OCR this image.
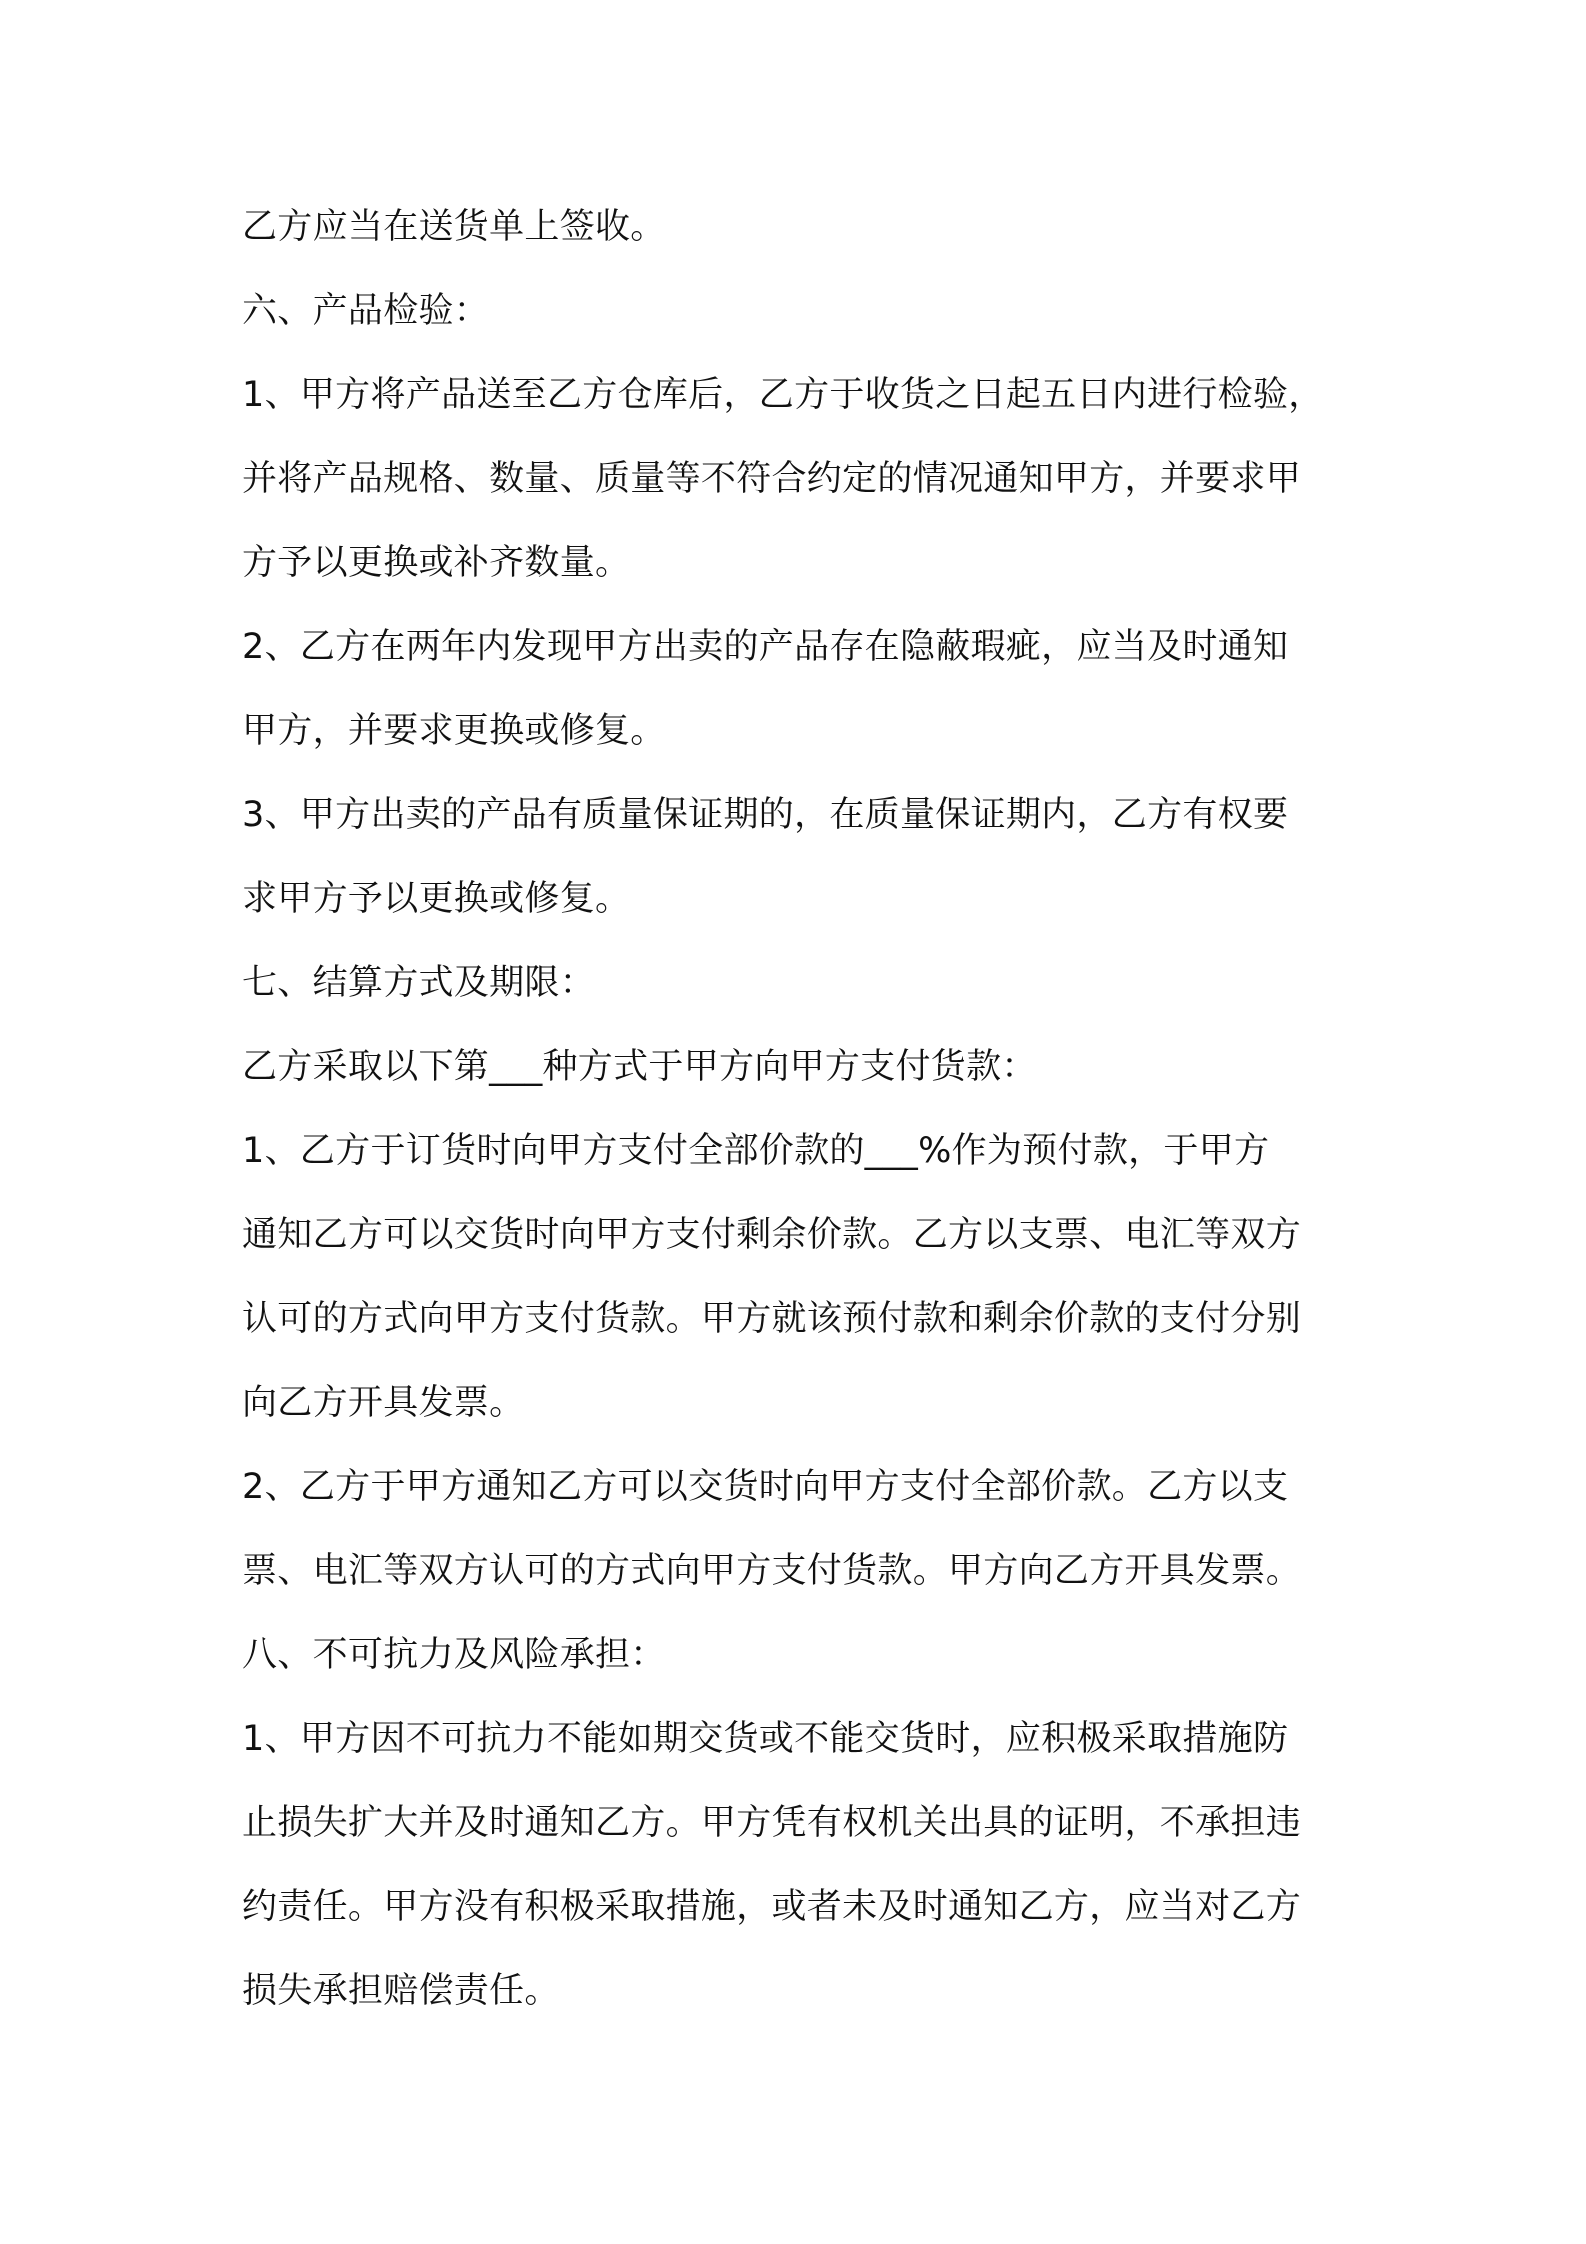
乙方应当在送货单上签收。
六、产品检验：
1、甲方将产品送至乙方仓库后，乙方于收货之日起五日内进行检验，
并将产品规格、数量、质量等不符合约定的情况通知甲方，并要求甲
方予以更换或补齐数量。
2、乙方在两年内发现甲方出卖的产品存在隐蔽瑕疵，应当及时通知
甲方，并要求更换或修复。
3、甲方出卖的产品有质量保证期的，在质量保证期内，乙方有权要
求甲方予以更换或修复。
七、结算方式及期限：
乙方采取以下第___种方式于甲方向甲方支付货款：
1、乙方于订货时向甲方支付全部价款的___%作为预付款，于甲方
通知乙方可以交货时向甲方支付剩余价款。乙方以支票、电汇等双方
认可的方式向甲方支付货款。甲方就该预付款和剩余价款的支付分别
向乙方开具发票。
2、乙方于甲方通知乙方可以交货时向甲方支付全部价款。乙方以支
票、电汇等双方认可的方式向甲方支付货款。甲方向乙方开具发票。
八、不可抗力及风险承担：
1、甲方因不可抗力不能如期交货或不能交货时，应积极采取措施防
止损失扩大并及时通知乙方。甲方凭有权机关出具的证明，不承担违
约责任。甲方没有积极采取措施，或者未及时通知乙方，应当对乙方
损失承担赔偿责任。
